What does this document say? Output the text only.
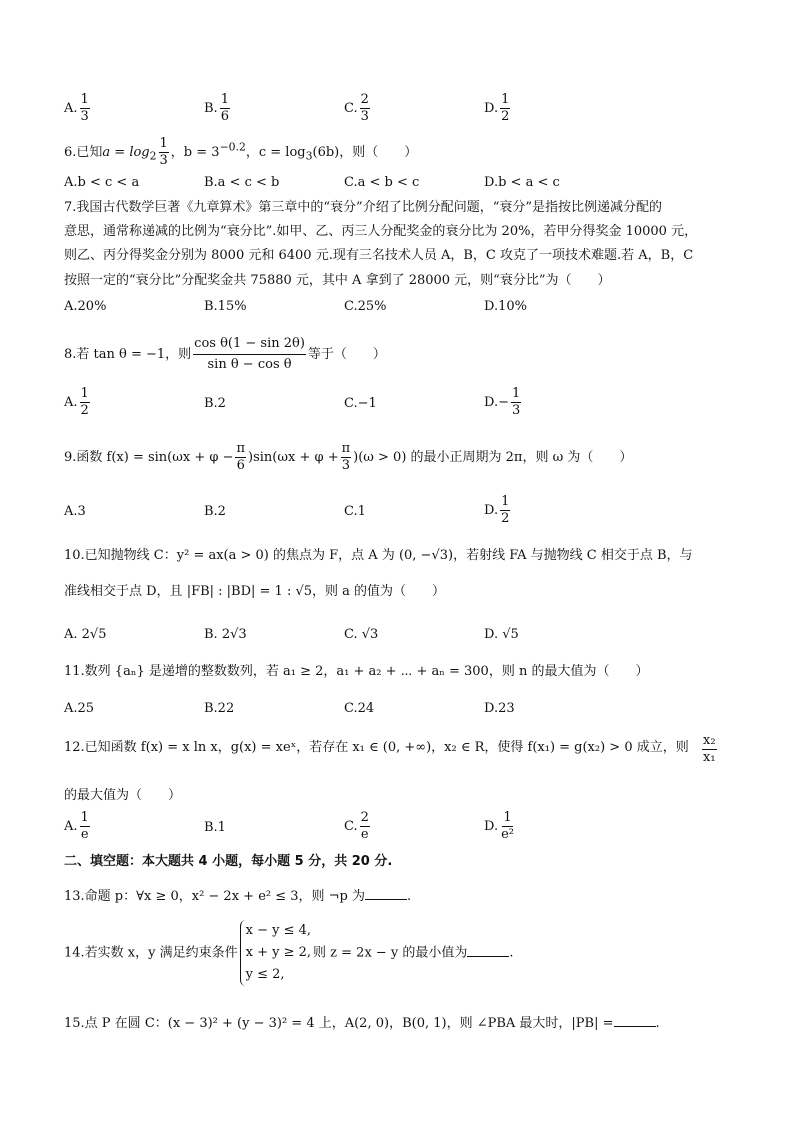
A. $\frac{1}{3}$	B. $\frac{1}{6}$	C. $\frac{2}{3}$	D. $\frac{1}{2}$
6.已知$a = \log_2 \frac{1}{3}$ ，$b = 3^{-0.2}$，$c = \log_3(6b)$，则（　　）
A.b < c < a	B.a < c < b	C.a < b < c	D.b < a < c
7.我国古代数学巨著《九章算术》第三章中的“衰分”介绍了比例分配问题，“衰分”是指按比例递减分配的
意思，通常称递减的比例为“衰分比”.如甲、乙、丙三人分配奖金的衰分比为 20%，若甲分得奖金 10000 元，
则乙、丙分得奖金分别为 8000 元和 6400 元.现有三名技术人员 A，B，C 攻克了一项技术难题.若 A，B，C
按照一定的“衰分比”分配奖金共 75880 元，其中 A 拿到了 28000 元，则“衰分比”为（　　）
A.20%	B.15%	C.25%	D.10%
8.若 tan θ = −1，则 $\frac{\text{cos θ(1 − sin 2θ)}}{\text{sin θ − cos θ}}$ 等于（　　）
A. $\frac{1}{2}$	B.2	C.−1	$D.- \frac{1}{3}$
9.函数 $f(x) = \sin(\omega x + \varphi - \frac{\pi}{6} )\sin(\omega x + \varphi + \frac{\pi}{3} )(\omega > 0)$ 的最小正周期为 2π，则 ω 为（　　）
A.3	B.2	C.1	D. $\frac{1}{2}$
10.已知抛物线 C：y² = ax(a > 0) 的焦点为 F，点 A 为 (0, −√3)，若射线 FA 与抛物线 C 相交于点 B，与
准线相交于点 D，且 |FB| : |BD| = 1 : √5，则 a 的值为（　　）
A. 2√5	B. 2√3	C. √3	D. √5
11.数列 {aₙ} 是递增的整数数列，若 a₁ ≥ 2，a₁ + a₂ + ⋯ + aₙ = 300，则 n 的最大值为（　　）
A.25	B.22	C.24	D.23
12.已知函数 f(x) = x ln x，g(x) = xeˣ，若存在 x₁ ∈ (0, +∞)，x₂ ∈ R，使得 f(x₁) = g(x₂) > 0 成立，则 $\frac{\text{x₂}}{\text{x₁}}$
的最大值为（　　）
A. $\frac{1}{e}$	B.1	C. $\frac{2}{e}$	D. $\frac{1}{\text{e²}}$
二、填空题：本大题共 4 小题，每小题 5 分，共 20 分.
13.命题 p：∀x ≥ 0，x² − 2x + e² ≤ 3，则 ¬p 为	.
14.若实数 x，y 满足约束条件
x − y ≤ 4,
x + y ≥ 2,
y ≤ 2,
则 z = 2x − y 的最小值为	.
15.点 P 在圆 C：(x − 3)² + (y − 3)² = 4 上，A(2, 0)，B(0, 1)，则 ∠PBA 最大时，|PB| =	.
